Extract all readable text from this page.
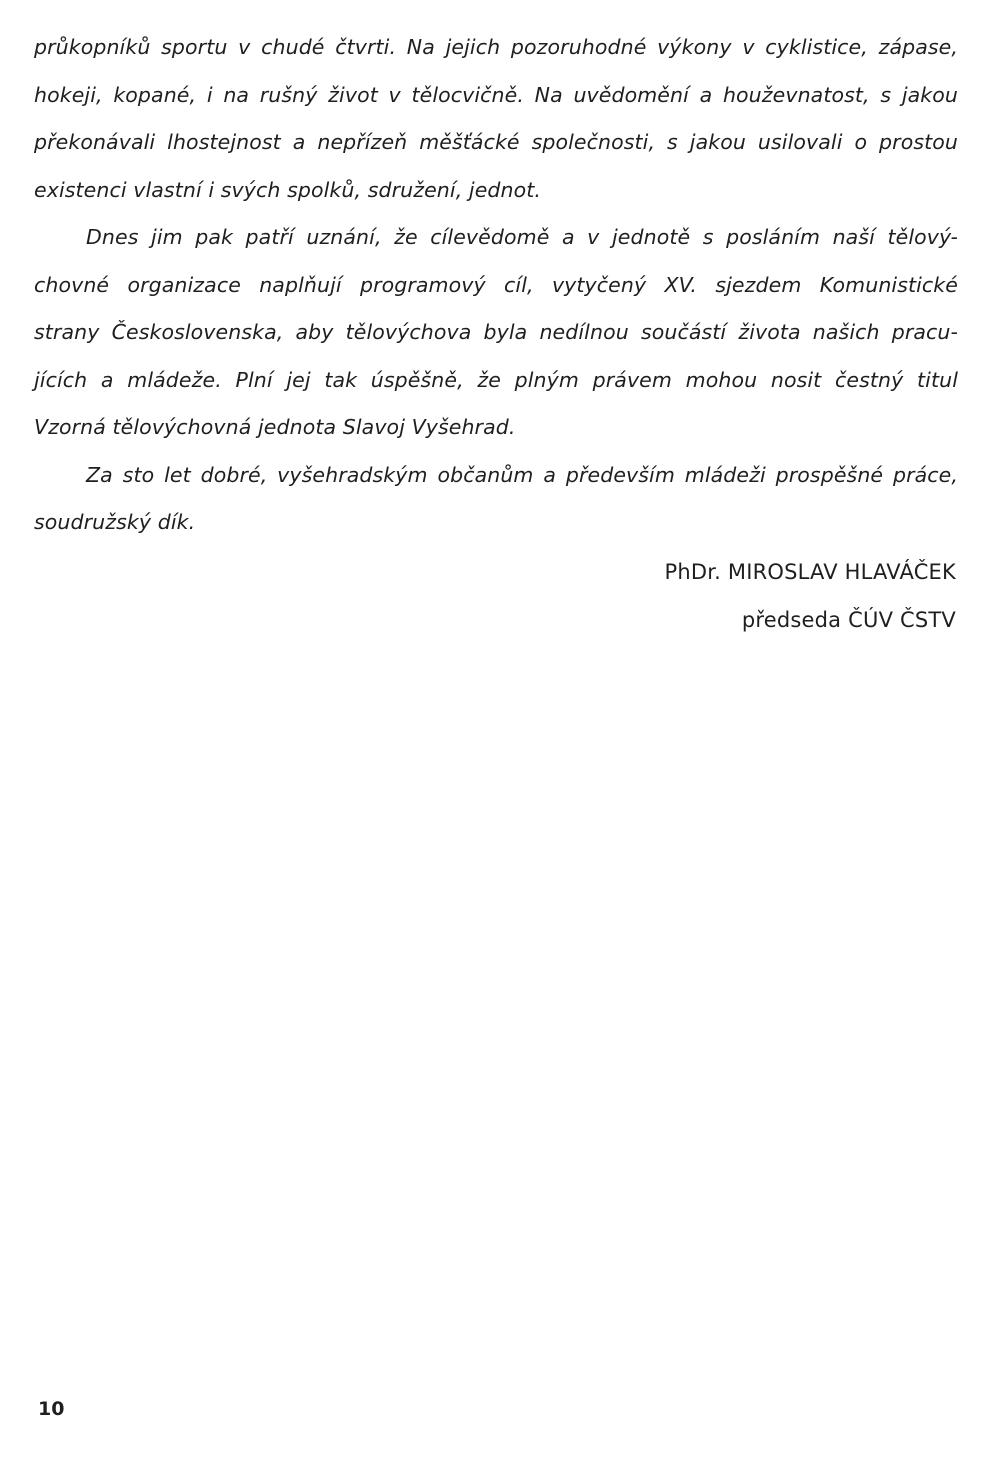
průkopníků sportu v chudé čtvrti. Na jejich pozoruhodné výkony v cyklistice, zápase,
hokeji, kopané, i na rušný život v tělocvičně. Na uvědomění a houževnatost, s jakou
překonávali lhostejnost a nepřízeň měšťácké společnosti, s jakou usilovali o prostou
existenci vlastní i svých spolků, sdružení, jednot.
Dnes jim pak patří uznání, že cílevědomě a v jednotě s posláním naší tělový-
chovné organizace naplňují programový cíl, vytyčený XV. sjezdem Komunistické
strany Československa, aby tělovýchova byla nedílnou součástí života našich pracu-
jících a mládeže. Plní jej tak úspěšně, že plným právem mohou nosit čestný titul
Vzorná tělovýchovná jednota Slavoj Vyšehrad.
Za sto let dobré, vyšehradským občanům a především mládeži prospěšné práce,
soudružský dík.
PhDr. MIROSLAV HLAVÁČEK
předseda ČÚV ČSTV
10
